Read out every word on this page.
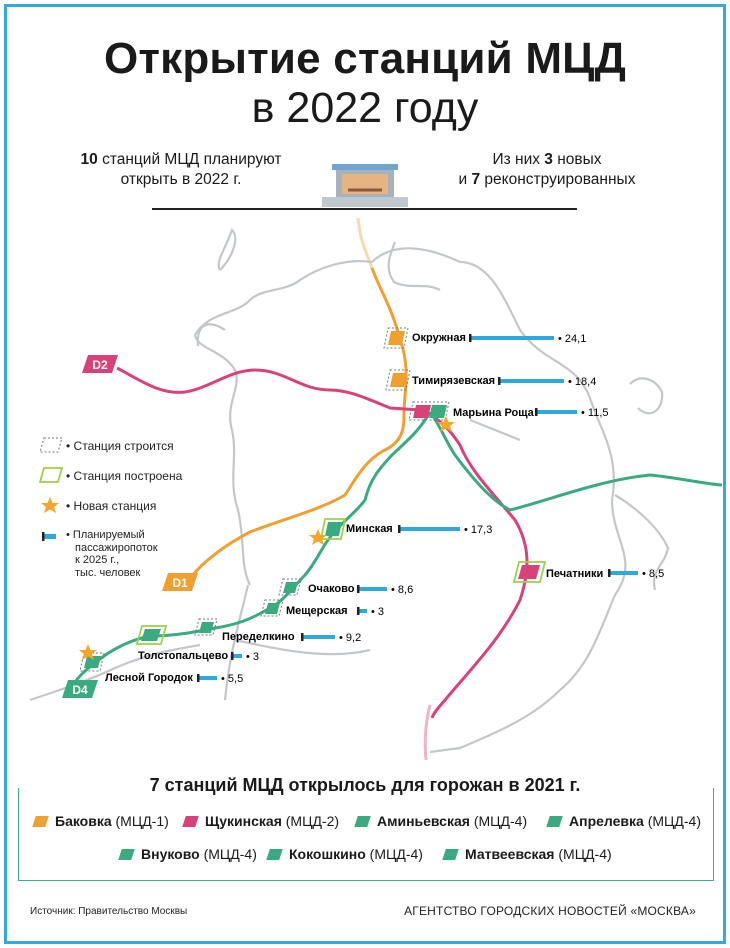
Открытие станций МЦД
в 2022 году
10 станций МЦД планируют
открыть в 2022 г.
Из них 3 новых
и 7 реконструированных
D2
D1
D4
Окружная	• 24,1
Тимирязевская	• 18,4
Марьина Роща	• 11,5
Минская	• 17,3
Печатники	• 8,5
Очаково	• 8,6
Мещерская • 3
Переделкино	• 9,2
Толстопальцево • 3
Лесной Городок	• 5,5
• Станция строится
• Станция построена
• Новая станция
• Планируемый
пассажиропоток
к 2025 г.,
тыс. человек
7 станций МЦД открылось для горожан в 2021 г.
Баковка (МЦД-1)	Щукинская (МЦД-2)	Аминьевская (МЦД-4)	Апрелевка (МЦД-4)
Внуково (МЦД-4)	Кокошкино (МЦД-4)	Матвеевская (МЦД-4)
Источник: Правительство Москвы	АГЕНТСТВО ГОРОДСКИХ НОВОСТЕЙ «МОСКВА»
